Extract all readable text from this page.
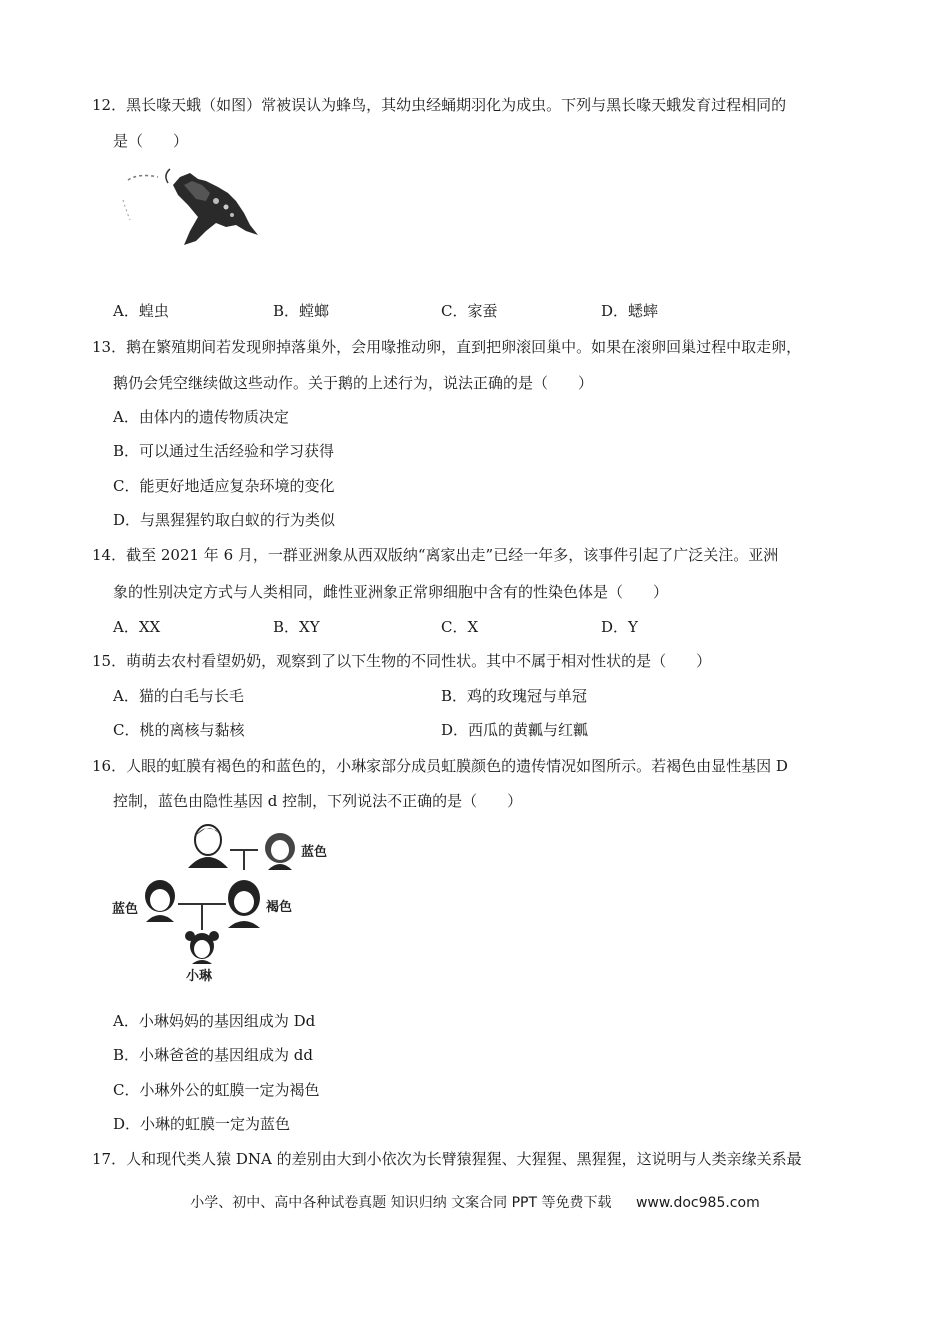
12．黑长喙天蛾（如图）常被误认为蜂鸟，其幼虫经蛹期羽化为成虫。下列与黑长喙天蛾发育过程相同的
是（　　）
A．蝗虫	B．螳螂	C．家蚕	D．蟋蟀
13．鹅在繁殖期间若发现卵掉落巢外，会用喙推动卵，直到把卵滚回巢中。如果在滚卵回巢过程中取走卵，
鹅仍会凭空继续做这些动作。关于鹅的上述行为，说法正确的是（　　）
A．由体内的遗传物质决定
B．可以通过生活经验和学习获得
C．能更好地适应复杂环境的变化
D．与黑猩猩钓取白蚁的行为类似
14．截至 2021 年 6 月，一群亚洲象从西双版纳“离家出走”已经一年多，该事件引起了广泛关注。亚洲
象的性别决定方式与人类相同，雌性亚洲象正常卵细胞中含有的性染色体是（　　）
A．XX	B．XY	C．X	D．Y
15．萌萌去农村看望奶奶，观察到了以下生物的不同性状。其中不属于相对性状的是（　　）
A．猫的白毛与长毛	B．鸡的玫瑰冠与单冠
C．桃的离核与黏核	D．西瓜的黄瓤与红瓤
16．人眼的虹膜有褐色的和蓝色的，小琳家部分成员虹膜颜色的遗传情况如图所示。若褐色由显性基因 D
控制，蓝色由隐性基因 d 控制，下列说法不正确的是（　　）
蓝色
蓝色	褐色
小琳
A．小琳妈妈的基因组成为 Dd
B．小琳爸爸的基因组成为 dd
C．小琳外公的虹膜一定为褐色
D．小琳的虹膜一定为蓝色
17．人和现代类人猿 DNA 的差别由大到小依次为长臂猿猩猩、大猩猩、黑猩猩，这说明与人类亲缘关系最
小学、初中、高中各种试卷真题 知识归纳 文案合同 PPT 等免费下载 www.doc985.com
